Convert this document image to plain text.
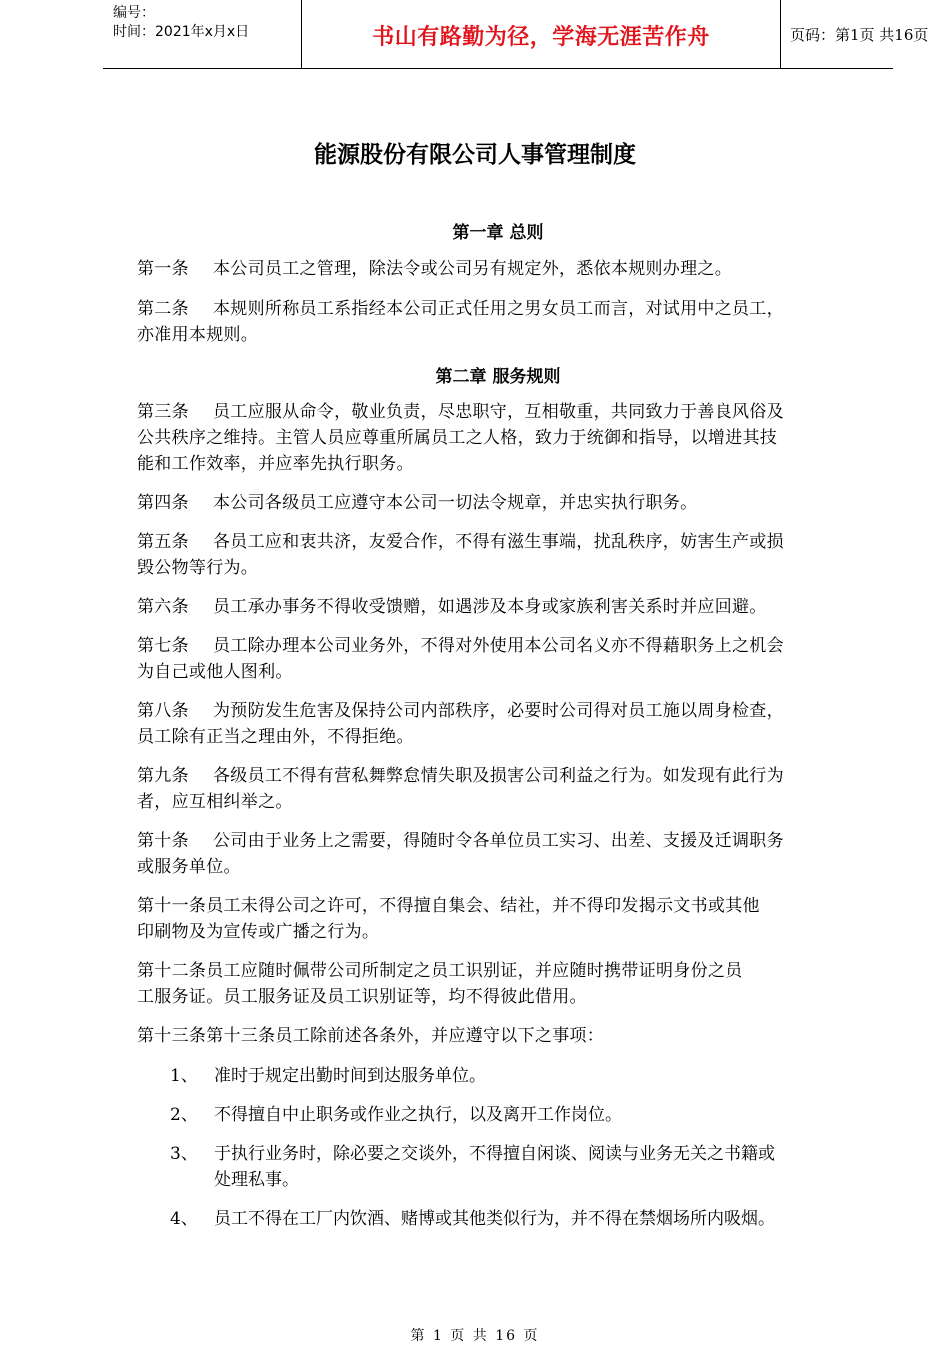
编号：
时间：2021年x月x日	书山有路勤为径，学海无涯苦作舟	页码：第1页 共16页
能源股份有限公司人事管理制度
第一章 总则
第一条 本公司员工之管理，除法令或公司另有规定外，悉依本规则办理之。
第二条 本规则所称员工系指经本公司正式任用之男女员工而言，对试用中之员工，
亦准用本规则。
第二章 服务规则
第三条 员工应服从命令，敬业负责，尽忠职守，互相敬重，共同致力于善良风俗及
公共秩序之维持。主管人员应尊重所属员工之人格，致力于统御和指导，以增进其技
能和工作效率，并应率先执行职务。
第四条 本公司各级员工应遵守本公司一切法令规章，并忠实执行职务。
第五条 各员工应和衷共济，友爱合作，不得有滋生事端，扰乱秩序，妨害生产或损
毁公物等行为。
第六条 员工承办事务不得收受馈赠，如遇涉及本身或家族利害关系时并应回避。
第七条 员工除办理本公司业务外，不得对外使用本公司名义亦不得藉职务上之机会
为自己或他人图利。
第八条 为预防发生危害及保持公司内部秩序，必要时公司得对员工施以周身检查，
员工除有正当之理由外，不得拒绝。
第九条 各级员工不得有营私舞弊怠情失职及损害公司利益之行为。如发现有此行为
者，应互相纠举之。
第十条 公司由于业务上之需要，得随时令各单位员工实习、出差、支援及迁调职务
或服务单位。
第十一条员工未得公司之许可，不得擅自集会、结社，并不得印发揭示文书或其他
印刷物及为宣传或广播之行为。
第十二条员工应随时佩带公司所制定之员工识别证，并应随时携带证明身份之员
工服务证。员工服务证及员工识别证等，均不得彼此借用。
第十三条第十三条员工除前述各条外，并应遵守以下之事项：
1、 准时于规定出勤时间到达服务单位。
2、 不得擅自中止职务或作业之执行，以及离开工作岗位。
3、 于执行业务时，除必要之交谈外，不得擅自闲谈、阅读与业务无关之书籍或
处理私事。
4、 员工不得在工厂内饮酒、赌博或其他类似行为，并不得在禁烟场所内吸烟。
第 1 页 共 16 页
